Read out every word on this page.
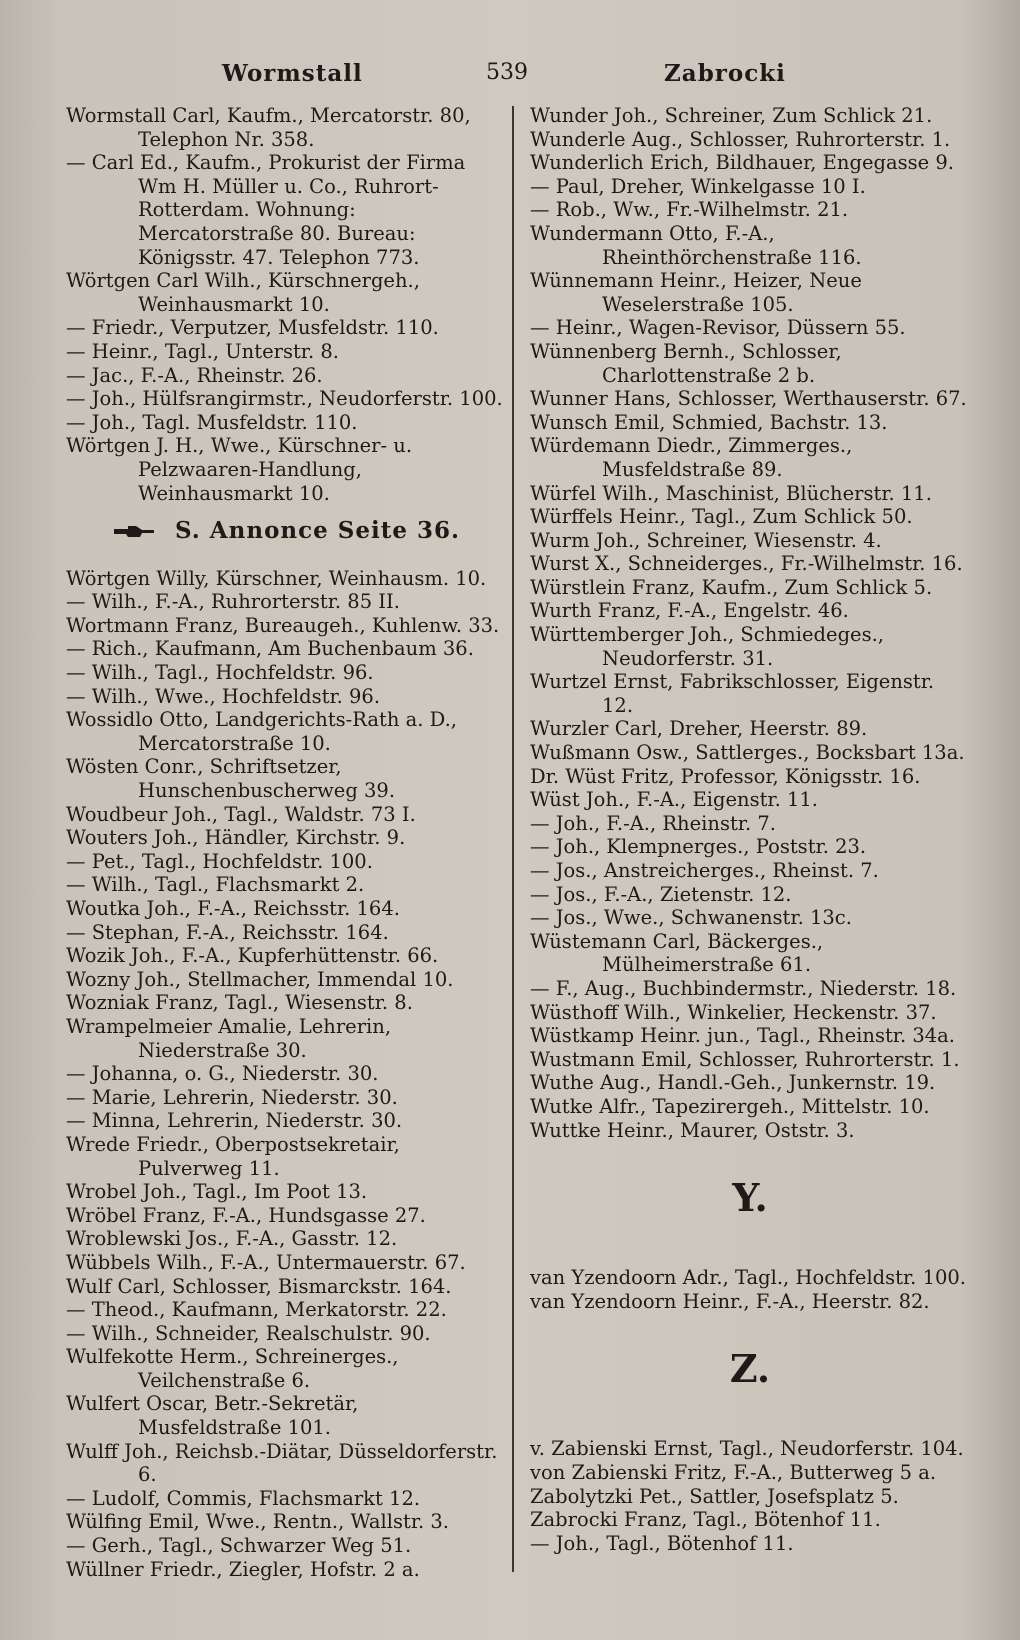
Wormstall	539	Zabrocki

Wormstall Carl, Kaufm., Mercatorstr. 80, Telephon Nr. 358.

— Carl Ed., Kaufm., Prokurist der Firma Wm H. Müller u. Co., Ruhrort-Rotterdam. Wohnung: Mercatorstraße 80. Bureau: Königsstr. 47. Telephon 773.

Wörtgen Carl Wilh., Kürschnergeh., Weinhausmarkt 10.

— Friedr., Verputzer, Musfeldstr. 110.

— Heinr., Tagl., Unterstr. 8.

— Jac., F.-A., Rheinstr. 26.

— Joh., Hülfsrangirmstr., Neudorferstr. 100.

— Joh., Tagl. Musfeldstr. 110.

Wörtgen J. H., Wwe., Kürschner- u. Pelzwaaren-Handlung, Weinhausmarkt 10.

S. Annonce Seite 36.

Wörtgen Willy, Kürschner, Weinhausm. 10.

— Wilh., F.-A., Ruhrorterstr. 85 II.

Wortmann Franz, Bureaugeh., Kuhlenw. 33.

— Rich., Kaufmann, Am Buchenbaum 36.

— Wilh., Tagl., Hochfeldstr. 96.

— Wilh., Wwe., Hochfeldstr. 96.

Wossidlo Otto, Landgerichts-Rath a. D., Mercatorstraße 10.

Wösten Conr., Schriftsetzer, Hunschenbuscherweg 39.

Woudbeur Joh., Tagl., Waldstr. 73 I.

Wouters Joh., Händler, Kirchstr. 9.

— Pet., Tagl., Hochfeldstr. 100.

— Wilh., Tagl., Flachsmarkt 2.

Woutka Joh., F.-A., Reichsstr. 164.

— Stephan, F.-A., Reichsstr. 164.

Wozik Joh., F.-A., Kupferhüttenstr. 66.

Wozny Joh., Stellmacher, Immendal 10.

Wozniak Franz, Tagl., Wiesenstr. 8.

Wrampelmeier Amalie, Lehrerin, Niederstraße 30.

— Johanna, o. G., Niederstr. 30.

— Marie, Lehrerin, Niederstr. 30.

— Minna, Lehrerin, Niederstr. 30.

Wrede Friedr., Oberpostsekretair, Pulverweg 11.

Wrobel Joh., Tagl., Im Poot 13.

Wröbel Franz, F.-A., Hundsgasse 27.

Wroblewski Jos., F.-A., Gasstr. 12.

Wübbels Wilh., F.-A., Untermauerstr. 67.

Wulf Carl, Schlosser, Bismarckstr. 164.

— Theod., Kaufmann, Merkatorstr. 22.

— Wilh., Schneider, Realschulstr. 90.

Wulfekotte Herm., Schreinerges., Veilchenstraße 6.

Wulfert Oscar, Betr.-Sekretär, Musfeldstraße 101.

Wulff Joh., Reichsb.-Diätar, Düsseldorferstr. 6.

— Ludolf, Commis, Flachsmarkt 12.

Wülfing Emil, Wwe., Rentn., Wallstr. 3.

— Gerh., Tagl., Schwarzer Weg 51.

Wüllner Friedr., Ziegler, Hofstr. 2 a.

Wunder Joh., Schreiner, Zum Schlick 21.

Wunderle Aug., Schlosser, Ruhrorterstr. 1.

Wunderlich Erich, Bildhauer, Engegasse 9.

— Paul, Dreher, Winkelgasse 10 I.

— Rob., Ww., Fr.-Wilhelmstr. 21.

Wundermann Otto, F.-A., Rheinthörchenstraße 116.

Wünnemann Heinr., Heizer, Neue Weselerstraße 105.

— Heinr., Wagen-Revisor, Düssern 55.

Wünnenberg Bernh., Schlosser, Charlottenstraße 2 b.

Wunner Hans, Schlosser, Werthauserstr. 67.

Wunsch Emil, Schmied, Bachstr. 13.

Würdemann Diedr., Zimmerges., Musfeldstraße 89.

Würfel Wilh., Maschinist, Blücherstr. 11.

Würffels Heinr., Tagl., Zum Schlick 50.

Wurm Joh., Schreiner, Wiesenstr. 4.

Wurst X., Schneiderges., Fr.-Wilhelmstr. 16.

Würstlein Franz, Kaufm., Zum Schlick 5.

Wurth Franz, F.-A., Engelstr. 46.

Württemberger Joh., Schmiedeges., Neudorferstr. 31.

Wurtzel Ernst, Fabrikschlosser, Eigenstr. 12.

Wurzler Carl, Dreher, Heerstr. 89.

Wußmann Osw., Sattlerges., Bocksbart 13a.

Dr. Wüst Fritz, Professor, Königsstr. 16.

Wüst Joh., F.-A., Eigenstr. 11.

— Joh., F.-A., Rheinstr. 7.

— Joh., Klempnerges., Poststr. 23.

— Jos., Anstreicherges., Rheinst. 7.

— Jos., F.-A., Zietenstr. 12.

— Jos., Wwe., Schwanenstr. 13c.

Wüstemann Carl, Bäckerges., Mülheimerstraße 61.

— F., Aug., Buchbindermstr., Niederstr. 18.

Wüsthoff Wilh., Winkelier, Heckenstr. 37.

Wüstkamp Heinr. jun., Tagl., Rheinstr. 34a.

Wustmann Emil, Schlosser, Ruhrorterstr. 1.

Wuthe Aug., Handl.-Geh., Junkernstr. 19.

Wutke Alfr., Tapezirergeh., Mittelstr. 10.

Wuttke Heinr., Maurer, Oststr. 3.

Y.

van Yzendoorn Adr., Tagl., Hochfeldstr. 100.

van Yzendoorn Heinr., F.-A., Heerstr. 82.

Z.

v. Zabienski Ernst, Tagl., Neudorferstr. 104.

von Zabienski Fritz, F.-A., Butterweg 5 a.

Zabolytzki Pet., Sattler, Josefsplatz 5.

Zabrocki Franz, Tagl., Bötenhof 11.

— Joh., Tagl., Bötenhof 11.
